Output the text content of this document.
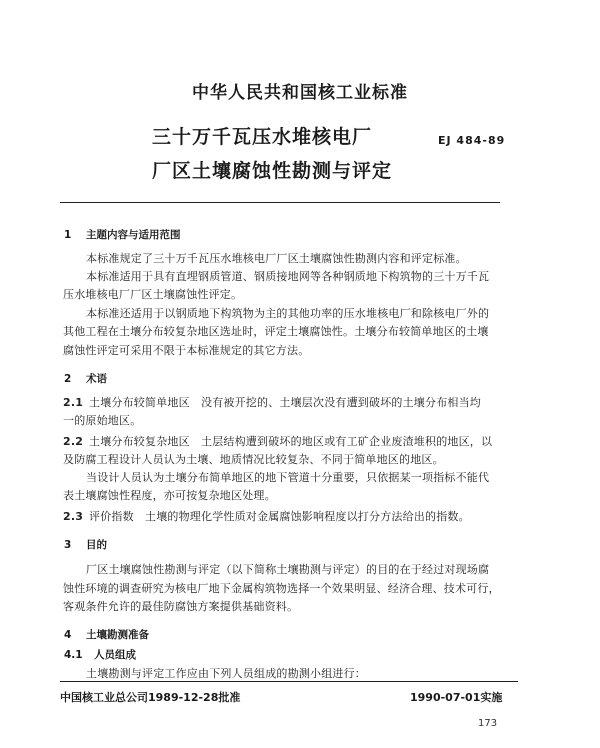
中华人民共和国核工业标准
三十万千瓦压水堆核电厂
厂区土壤腐蚀性勘测与评定
EJ 484-89
1 主题内容与适用范围
本标准规定了三十万千瓦压水堆核电厂厂区土壤腐蚀性勘测内容和评定标准。
本标准适用于具有直埋钢质管道、钢质接地网等各种钢质地下构筑物的三十万千瓦
压水堆核电厂厂区土壤腐蚀性评定。
本标准还适用于以钢质地下构筑物为主的其他功率的压水堆核电厂和除核电厂外的
其他工程在土壤分布较复杂地区选址时，评定土壤腐蚀性。土壤分布较简单地区的土壤
腐蚀性评定可采用不限于本标准规定的其它方法。
2 术语
2.1 土壤分布较简单地区　没有被开挖的、土壤层次没有遭到破坏的土壤分布相当均
一的原始地区。
2.2 土壤分布较复杂地区　土层结构遭到破坏的地区或有工矿企业废渣堆积的地区，以
及防腐工程设计人员认为土壤、地质情况比较复杂、不同于简单地区的地区。
当设计人员认为土壤分布简单地区的地下管道十分重要，只依据某一项指标不能代
表土壤腐蚀性程度，亦可按复杂地区处理。
2.3 评价指数　土壤的物理化学性质对金属腐蚀影响程度以打分方法给出的指数。
3 目的
厂区土壤腐蚀性勘测与评定（以下简称土壤勘测与评定）的目的在于经过对现场腐
蚀性环境的调查研究为核电厂地下金属构筑物选择一个效果明显、经济合理、技术可行，
客观条件允许的最佳防腐蚀方案提供基础资料。
4 土壤勘测准备
4.1 人员组成
土壤勘测与评定工作应由下列人员组成的勘测小组进行：
中国核工业总公司1989-12-28批准	1990-07-01实施
173
